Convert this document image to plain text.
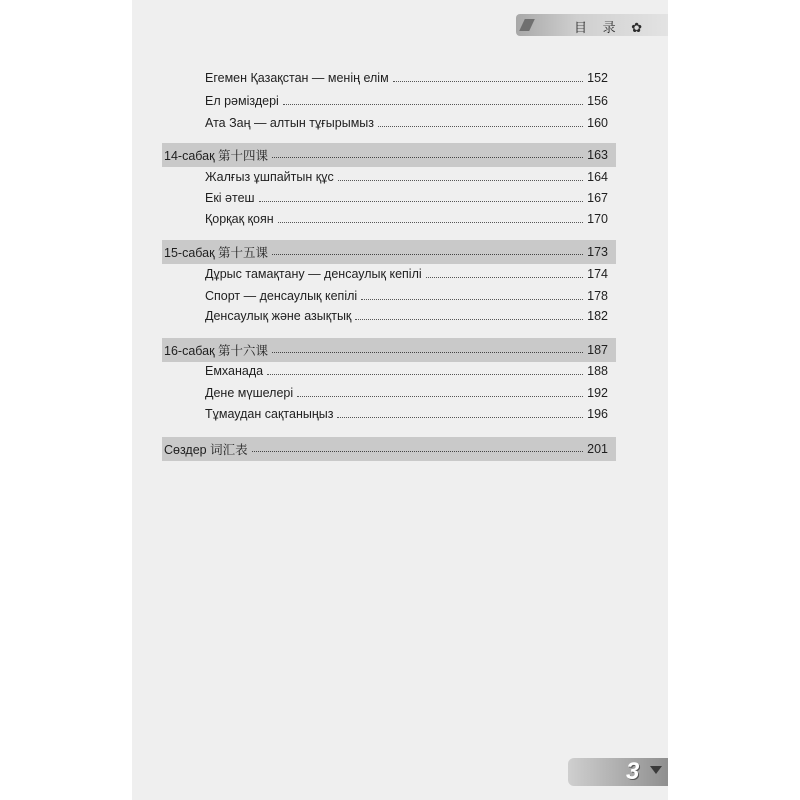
目 录 ✿
Егемен Қазақстан — менің елім	152
Ел рәміздері	156
Ата Заң — алтын тұғырымыз	160
14-сабақ 第十四课	163
Жалғыз ұшпайтын құс	164
Екі әтеш	167
Қорқақ қоян	170
15-сабақ 第十五课	173
Дұрыс тамақтану — денсаулық кепілі	174
Спорт — денсаулық кепілі	178
Денсаулық және азықтық	182
16-сабақ 第十六课	187
Емханада	188
Дене мүшелері	192
Тұмаудан сақтаныңыз	196
Сөздер 词汇表	201
3
